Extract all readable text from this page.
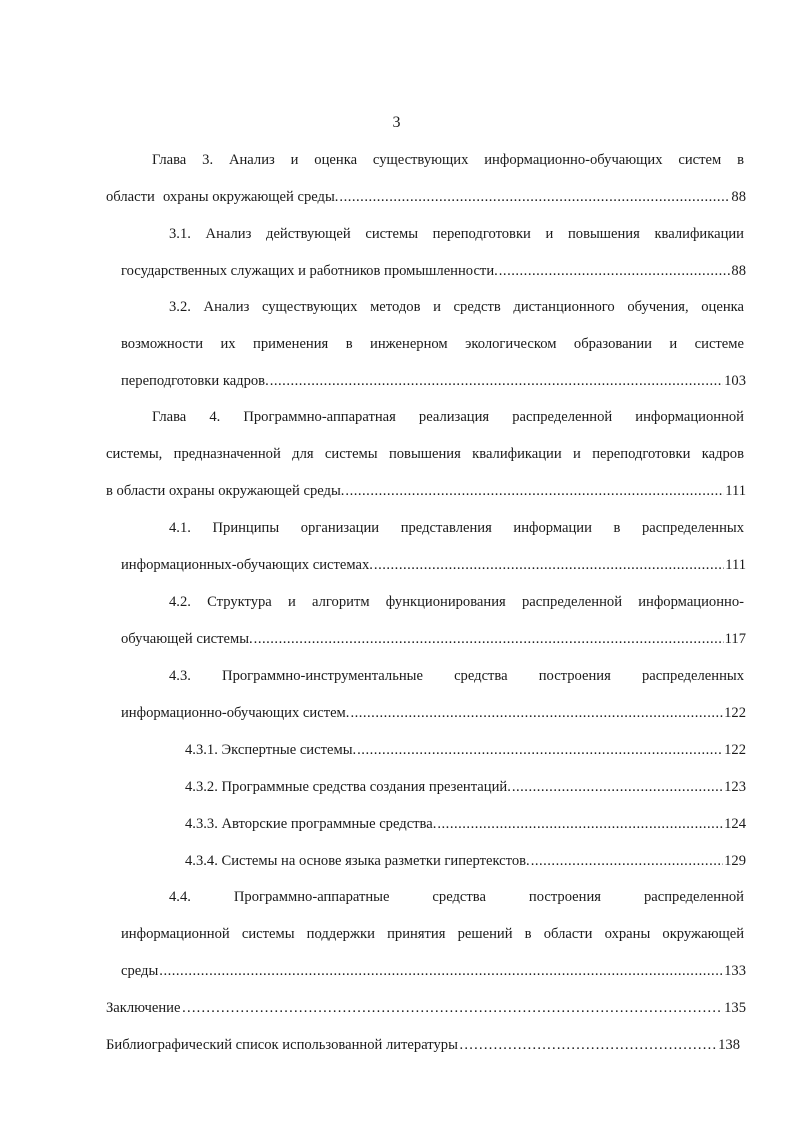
3
Глава 3. Анализ и оценка существующих информационно-обучающих систем в
области охраны окружающей среды. .....	88
3.1. Анализ действующей системы переподготовки и повышения квалификации
государственных служащих и работников промышленности. .....	88
3.2. Анализ существующих методов и средств дистанционного обучения, оценка
возможности их применения в инженерном экологическом образовании и системе
переподготовки кадров. .....	103
Глава 4. Программно-аппаратная реализация распределенной информационной
системы, предназначенной для системы повышения квалификации и переподготовки кадров
в области охраны окружающей среды. .....	111
4.1. Принципы организации представления информации в распределенных
информационных-обучающих системах. .....	111
4.2. Структура и алгоритм функционирования распределенной информационно-
обучающей системы. .....	117
4.3. Программно-инструментальные средства построения распределенных
информационно-обучающих систем. .....	122
4.3.1. Экспертные системы. .....	122
4.3.2. Программные средства создания презентаций. .....	123
4.3.3. Авторские программные средства. .....	124
4.3.4. Системы на основе языка разметки гипертекстов. .....	129
4.4. Программно-аппаратные средства построения распределенной
информационной системы поддержки принятия решений в области охраны окружающей
среды .....	133
Заключение ……………………………………………………………………………………………………………………………………………………………………………………	135
Библиографический список использованной литературы ……………………………………………………………………………………………………………………………………………………………………………………	138
